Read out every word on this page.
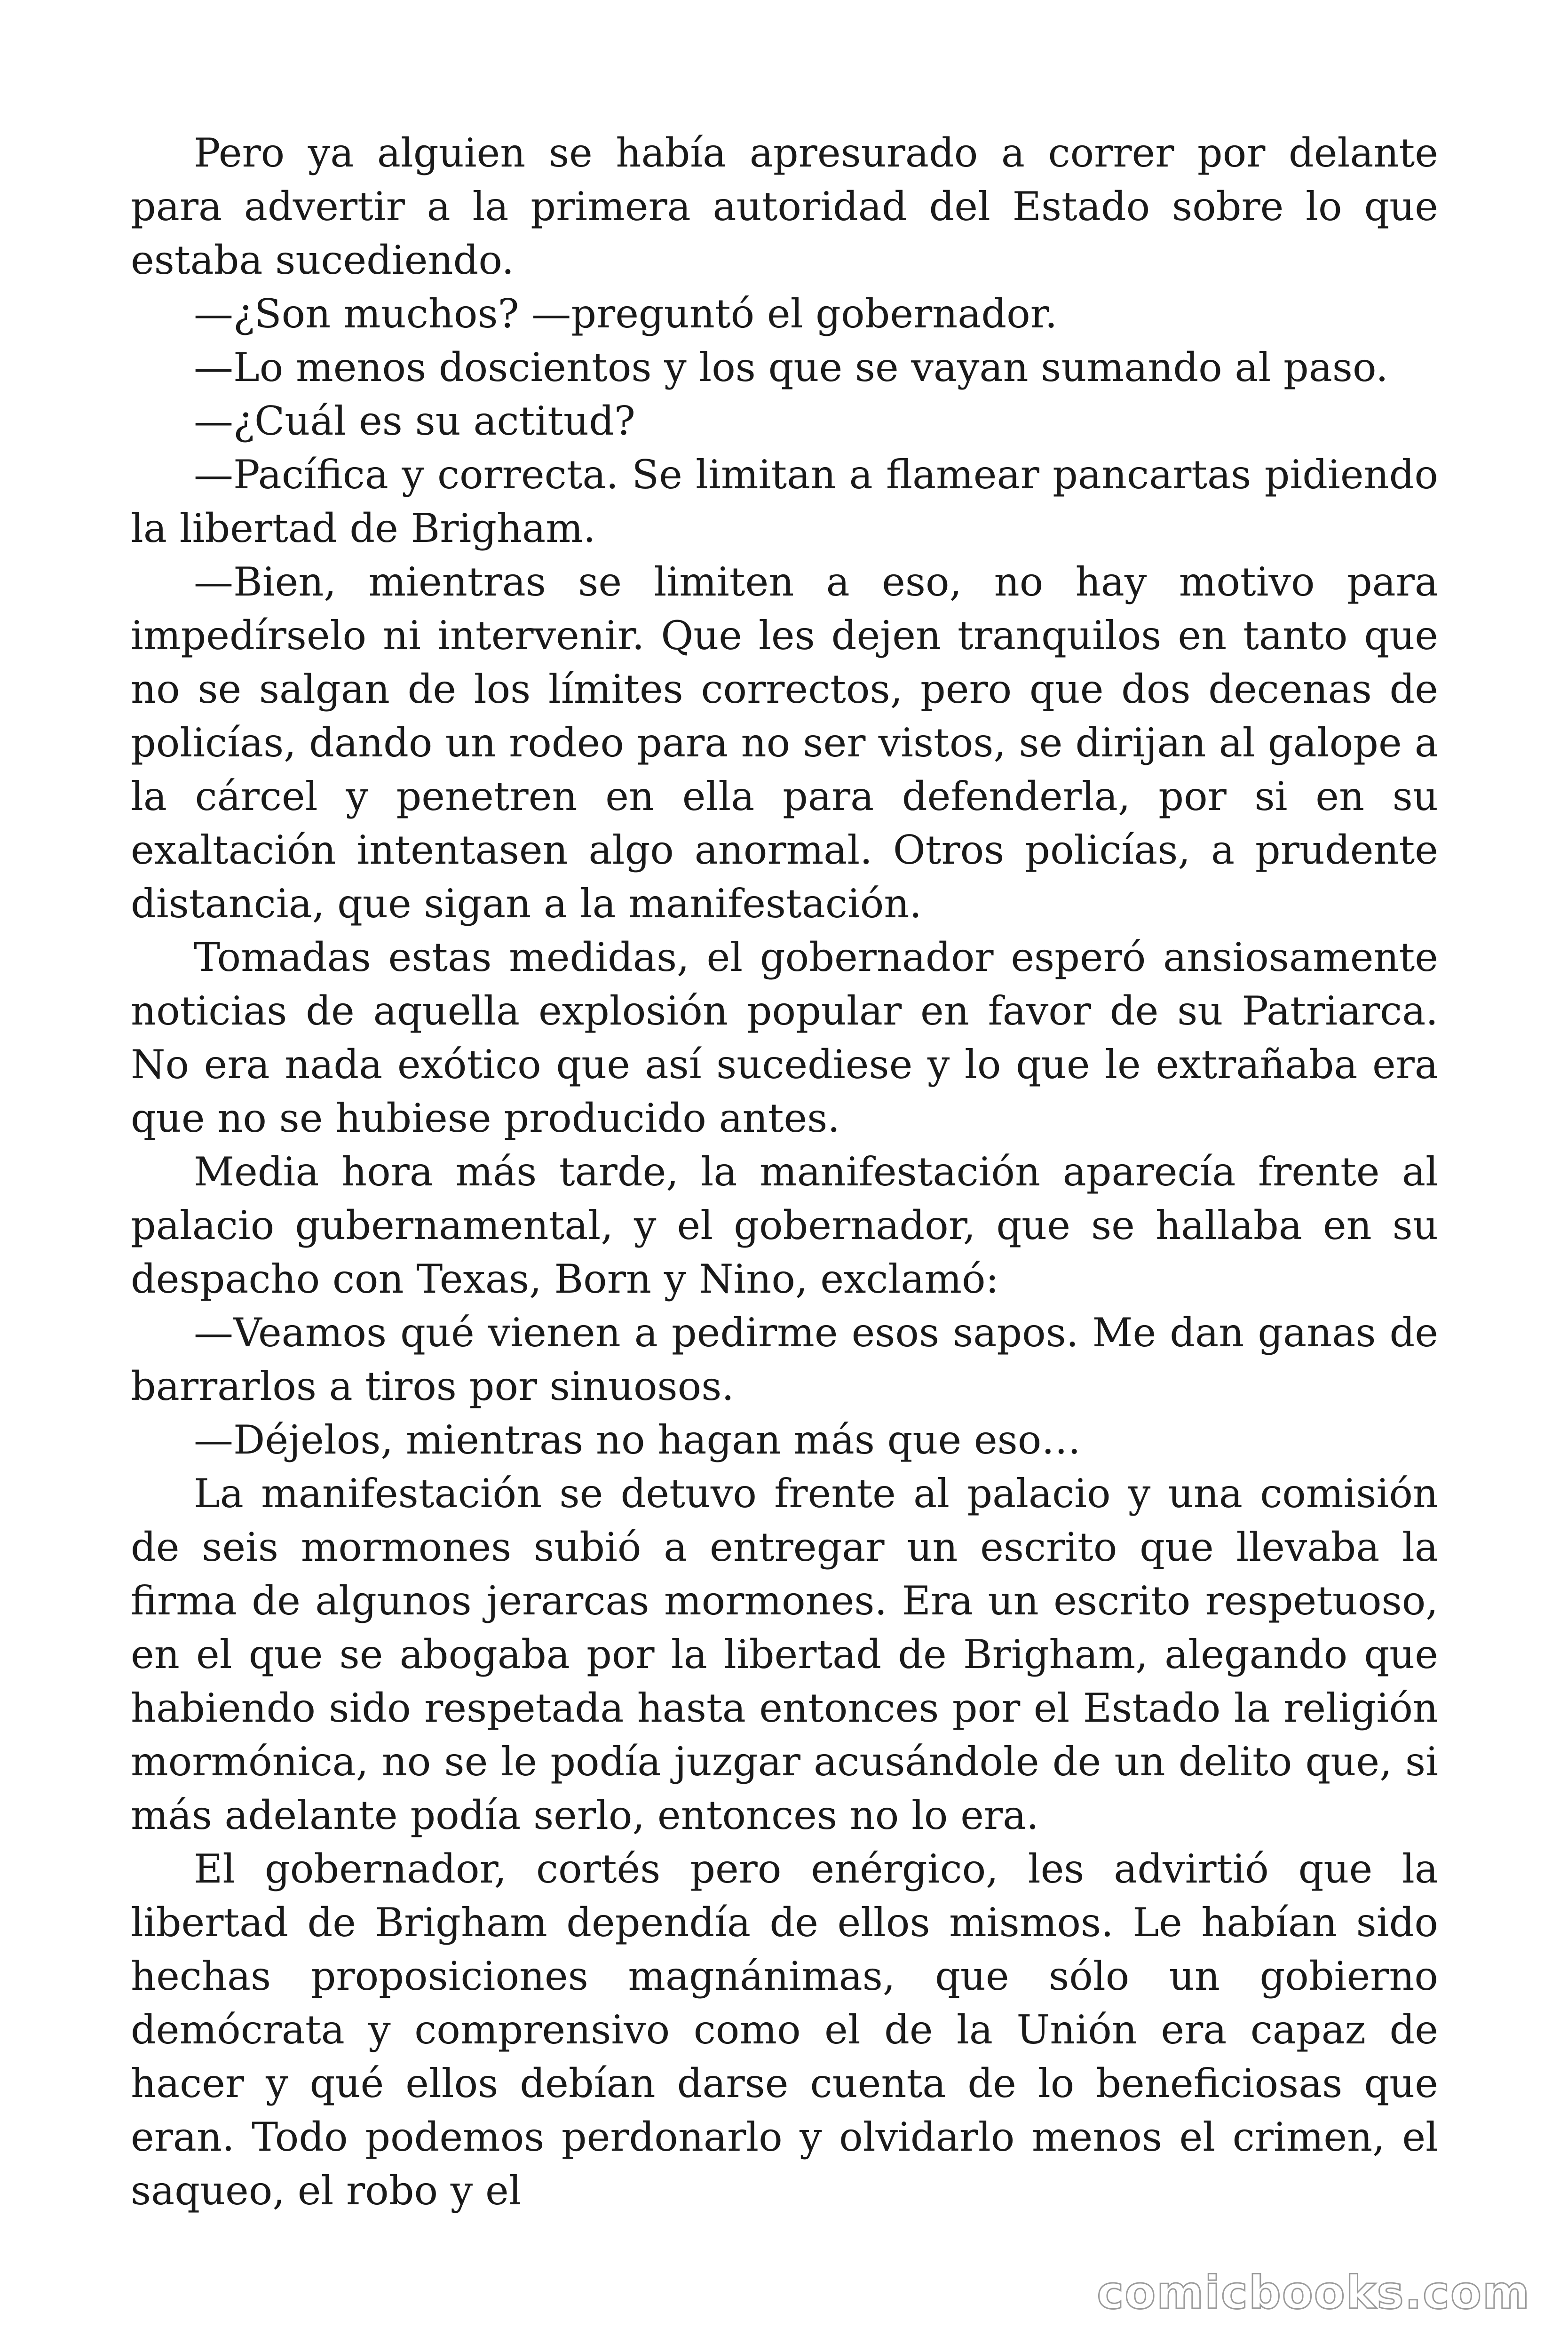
Pero ya alguien se había apresurado a correr por delante para advertir a la primera autoridad del Estado sobre lo que estaba sucediendo.

—¿Son muchos? —preguntó el gobernador.

—Lo menos doscientos y los que se vayan sumando al paso.

—¿Cuál es su actitud?

—Pacífica y correcta. Se limitan a flamear pancartas pidiendo la libertad de Brigham.

—Bien, mientras se limiten a eso, no hay motivo para impedírselo ni intervenir. Que les dejen tranquilos en tanto que no se salgan de los límites correctos, pero que dos decenas de policías, dando un rodeo para no ser vistos, se dirijan al galope a la cárcel y penetren en ella para defenderla, por si en su exaltación intentasen algo anormal. Otros policías, a prudente distancia, que sigan a la manifestación.

Tomadas estas medidas, el gobernador esperó ansiosamente noticias de aquella explosión popular en favor de su Patriarca. No era nada exótico que así sucediese y lo que le extrañaba era que no se hubiese producido antes.

Media hora más tarde, la manifestación aparecía frente al palacio gubernamental, y el gobernador, que se hallaba en su despacho con Texas, Born y Nino, exclamó:

—Veamos qué vienen a pedirme esos sapos. Me dan ganas de barrarlos a tiros por sinuosos.

—Déjelos, mientras no hagan más que eso…

La manifestación se detuvo frente al palacio y una comisión de seis mormones subió a entregar un escrito que llevaba la firma de algunos jerarcas mormones. Era un escrito respetuoso, en el que se abogaba por la libertad de Brigham, alegando que habiendo sido respetada hasta entonces por el Estado la religión mormónica, no se le podía juzgar acusándole de un delito que, si más adelante podía serlo, entonces no lo era.

El gobernador, cortés pero enérgico, les advirtió que la libertad de Brigham dependía de ellos mismos. Le habían sido hechas proposiciones magnánimas, que sólo un gobierno demócrata y comprensivo como el de la Unión era capaz de hacer y qué ellos debían darse cuenta de lo beneficiosas que eran. Todo podemos perdonarlo y olvidarlo menos el crimen, el saqueo, el robo y el

comicbooks.com
